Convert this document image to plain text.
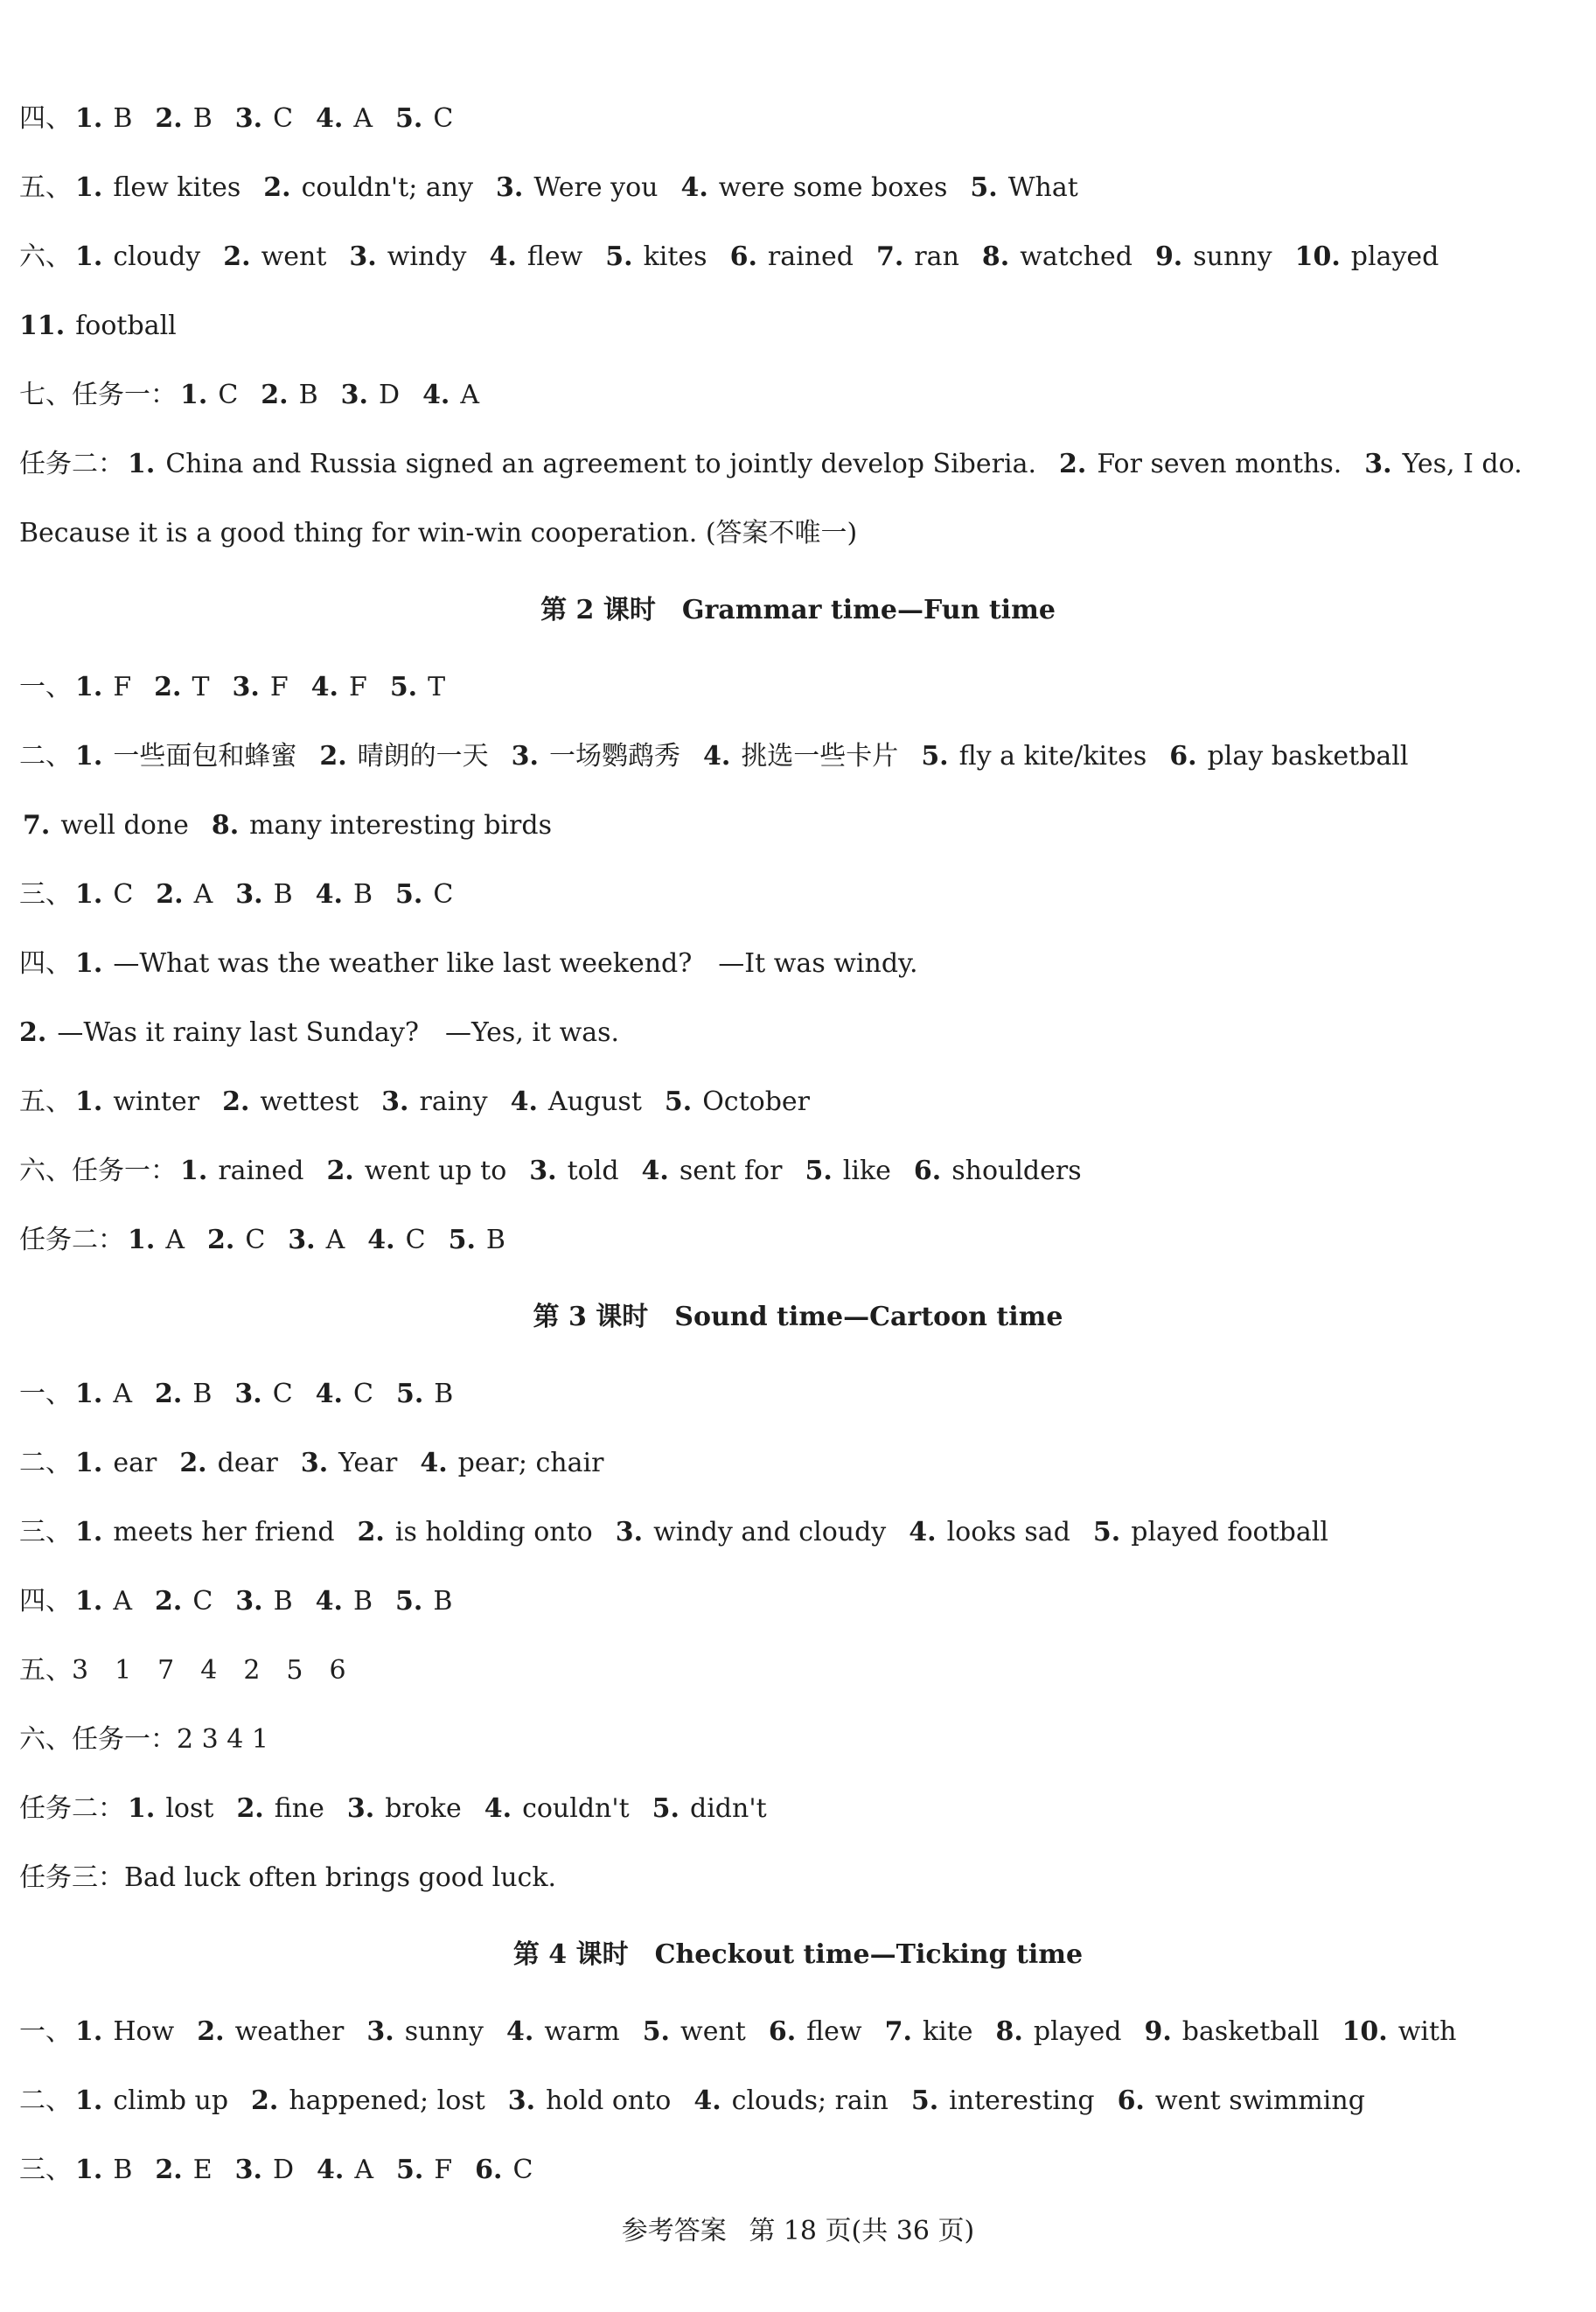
四、 1. B 2. B 3. C 4. A 5. C
五、 1. flew kites 2. couldn't; any 3. Were you 4. were some boxes 5. What
六、 1. cloudy 2. went 3. windy 4. flew 5. kites 6. rained 7. ran 8. watched 9. sunny 10. played
11. football
七、任务一： 1. C 2. B 3. D 4. A
任务二： 1. China and Russia signed an agreement to jointly develop Siberia. 2. For seven months. 3. Yes, I do.
Because it is a good thing for win-win cooperation. (答案不唯一)
一、 1. F 2. T 3. F 4. F 5. T
二、 1. 一些面包和蜂蜜 2. 晴朗的一天 3. 一场鹦鹉秀 4. 挑选一些卡片 5. fly a kite/kites 6. play basketball
7. well done 8. many interesting birds
三、 1. C 2. A 3. B 4. B 5. C
四、 1. —What was the weather like last weekend?　—It was windy.
2. —Was it rainy last Sunday?　—Yes, it was.
五、 1. winter 2. wettest 3. rainy 4. August 5. October
六、任务一： 1. rained 2. went up to 3. told 4. sent for 5. like 6. shoulders
任务二： 1. A 2. C 3. A 4. C 5. B
一、 1. A 2. B 3. C 4. C 5. B
二、 1. ear 2. dear 3. Year 4. pear; chair
三、 1. meets her friend 2. is holding onto 3. windy and cloudy 4. looks sad 5. played football
四、 1. A 2. C 3. B 4. B 5. B
五、3　1　7　4　2　5　6
六、任务一：2 3 4 1
任务二： 1. lost 2. fine 3. broke 4. couldn't 5. didn't
任务三：Bad luck often brings good luck.
一、 1. How 2. weather 3. sunny 4. warm 5. went 6. flew 7. kite 8. played 9. basketball 10. with
二、 1. climb up 2. happened; lost 3. hold onto 4. clouds; rain 5. interesting 6. went swimming
三、 1. B 2. E 3. D 4. A 5. F 6. C
第 2 课时　Grammar time—Fun time
第 3 课时　Sound time—Cartoon time
第 4 课时　Checkout time—Ticking time
参考答案 第 18 页(共 36 页)
